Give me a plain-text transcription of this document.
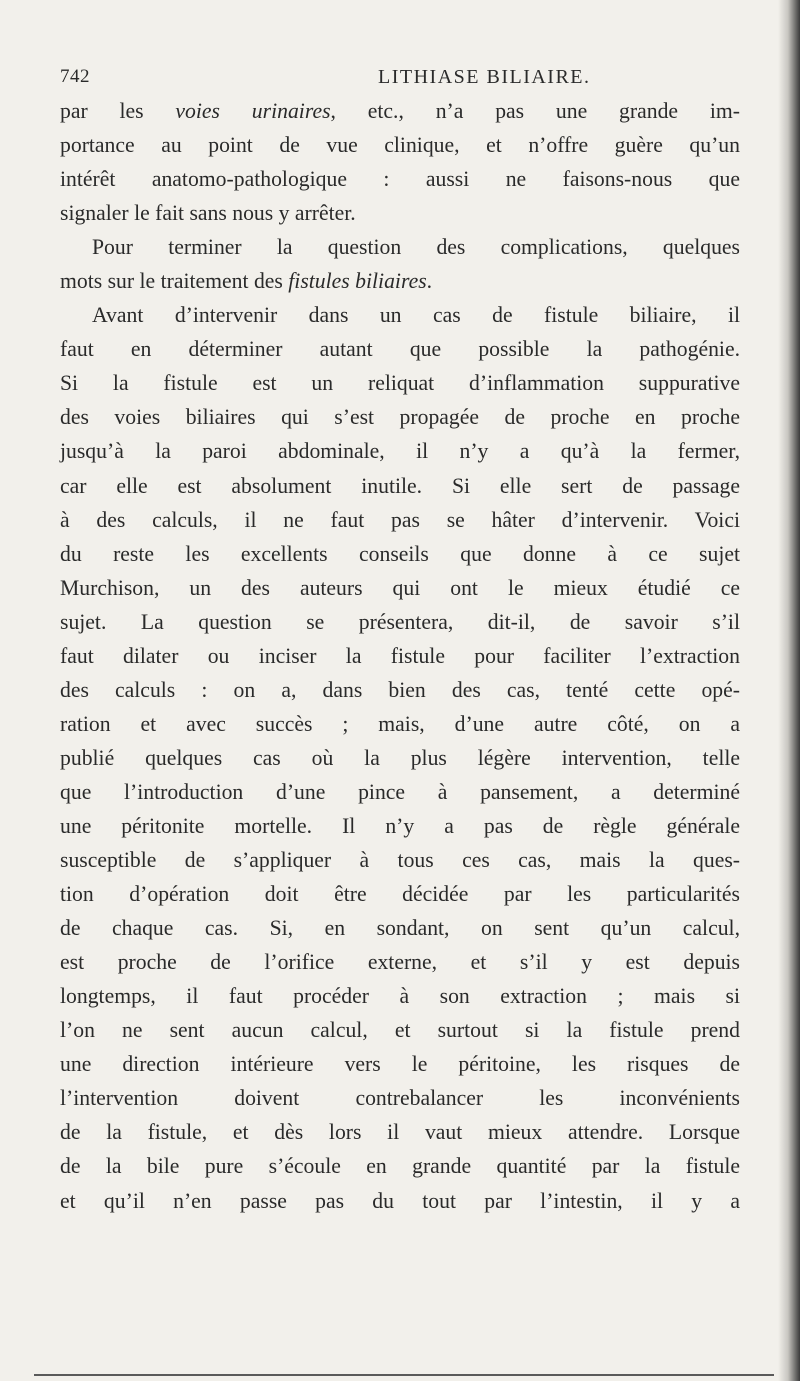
742	LITHIASE BILIAIRE.
par les voies urinaires, etc., n’a pas une grande im-
portance au point de vue clinique, et n’offre guère qu’un
intérêt anatomo-pathologique : aussi ne faisons-nous que
signaler le fait sans nous y arrêter.
Pour terminer la question des complications, quelques
mots sur le traitement des fistules biliaires.
Avant d’intervenir dans un cas de fistule biliaire, il
faut en déterminer autant que possible la pathogénie.
Si la fistule est un reliquat d’inflammation suppurative
des voies biliaires qui s’est propagée de proche en proche
jusqu’à la paroi abdominale, il n’y a qu’à la fermer,
car elle est absolument inutile. Si elle sert de passage
à des calculs, il ne faut pas se hâter d’intervenir. Voici
du reste les excellents conseils que donne à ce sujet
Murchison, un des auteurs qui ont le mieux étudié ce
sujet. La question se présentera, dit-il, de savoir s’il
faut dilater ou inciser la fistule pour faciliter l’extraction
des calculs : on a, dans bien des cas, tenté cette opé-
ration et avec succès ; mais, d’une autre côté, on a
publié quelques cas où la plus légère intervention, telle
que l’introduction d’une pince à pansement, a determiné
une péritonite mortelle. Il n’y a pas de règle générale
susceptible de s’appliquer à tous ces cas, mais la ques-
tion d’opération doit être décidée par les particularités
de chaque cas. Si, en sondant, on sent qu’un calcul,
est proche de l’orifice externe, et s’il y est depuis
longtemps, il faut procéder à son extraction ; mais si
l’on ne sent aucun calcul, et surtout si la fistule prend
une direction intérieure vers le péritoine, les risques de
l’intervention doivent contrebalancer les inconvénients
de la fistule, et dès lors il vaut mieux attendre. Lorsque
de la bile pure s’écoule en grande quantité par la fistule
et qu’il n’en passe pas du tout par l’intestin, il y a
